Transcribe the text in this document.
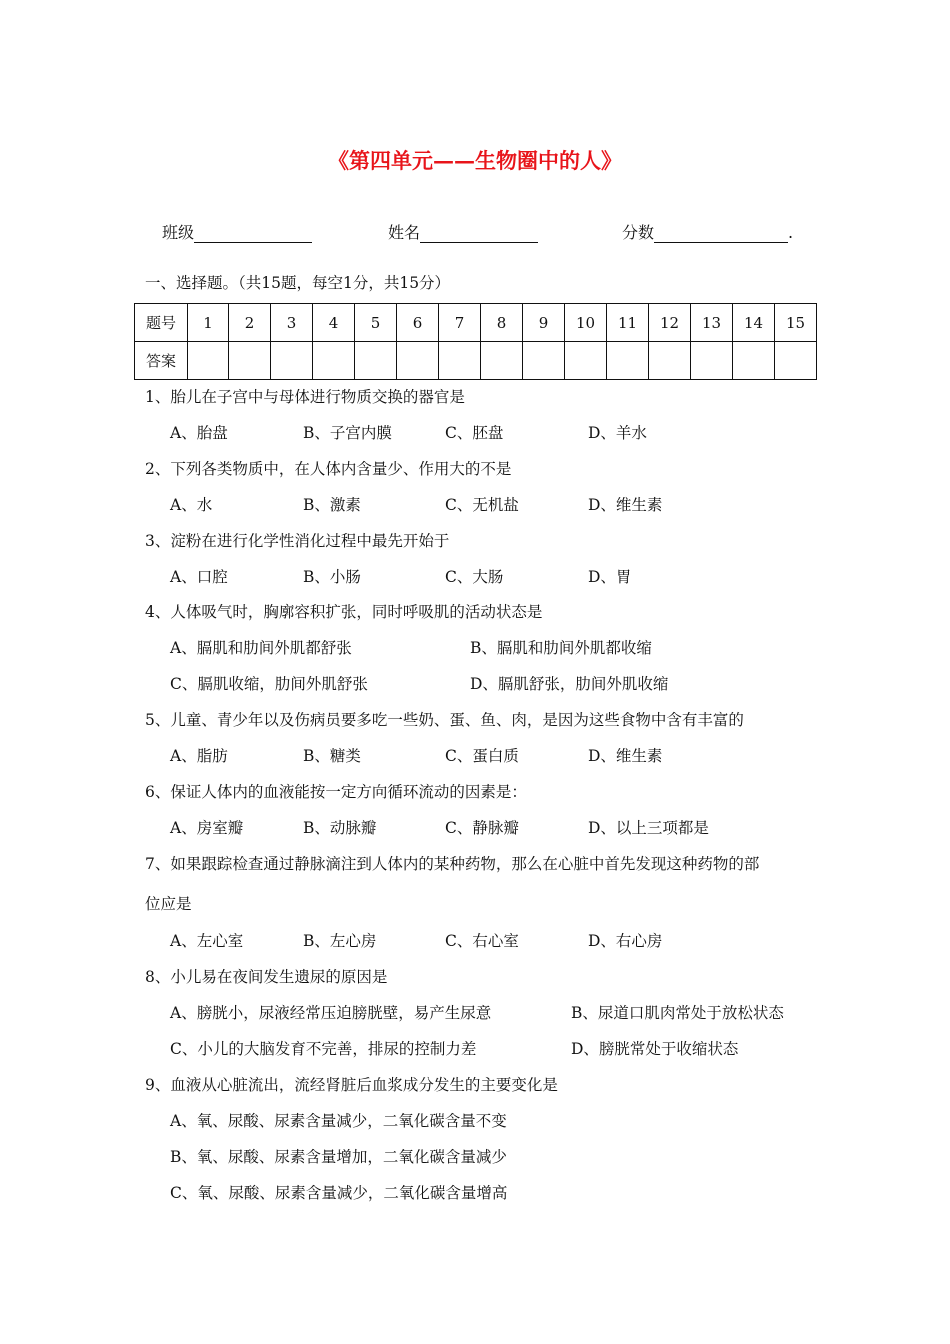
《第四单元——生物圈中的人》
班级	姓名	分数	.
一、选择题。（共15题，每空1分，共15分）
题号	1	2	3	4	5	6	7	8	9	10	11	12	13	14	15
答案															
1、胎儿在子宫中与母体进行物质交换的器官是
A、胎盘	B、子宫内膜	C、胚盘	D、羊水
2、下列各类物质中，在人体内含量少、作用大的不是
A、水	B、激素	C、无机盐	D、维生素
3、淀粉在进行化学性消化过程中最先开始于
A、口腔	B、小肠	C、大肠	D、胃
4、人体吸气时，胸廓容积扩张，同时呼吸肌的活动状态是
A、膈肌和肋间外肌都舒张	B、膈肌和肋间外肌都收缩
C、膈肌收缩，肋间外肌舒张	D、膈肌舒张，肋间外肌收缩
5、儿童、青少年以及伤病员要多吃一些奶、蛋、鱼、肉，是因为这些食物中含有丰富的
A、脂肪	B、糖类	C、蛋白质	D、维生素
6、保证人体内的血液能按一定方向循环流动的因素是：
A、房室瓣	B、动脉瓣	C、静脉瓣	D、以上三项都是
7、如果跟踪检查通过静脉滴注到人体内的某种药物，那么在心脏中首先发现这种药物的部
位应是
A、左心室	B、左心房	C、右心室	D、右心房
8、小儿易在夜间发生遗尿的原因是
A、膀胱小，尿液经常压迫膀胱壁，易产生尿意	B、尿道口肌肉常处于放松状态
C、小儿的大脑发育不完善，排尿的控制力差	D、膀胱常处于收缩状态
9、血液从心脏流出，流经肾脏后血浆成分发生的主要变化是
A、氧、尿酸、尿素含量减少，二氧化碳含量不变
B、氧、尿酸、尿素含量增加，二氧化碳含量减少
C、氧、尿酸、尿素含量减少，二氧化碳含量增高
